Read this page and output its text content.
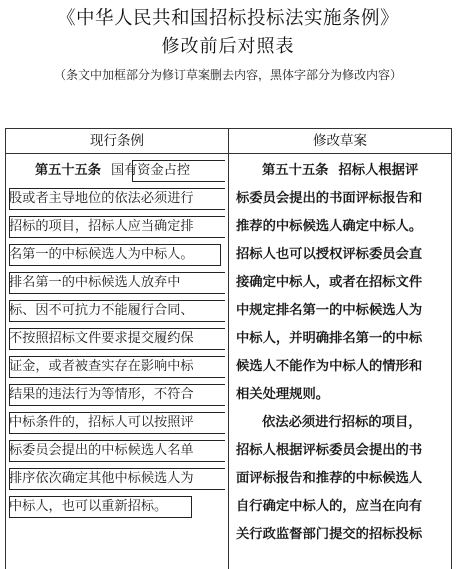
《中华人民共和国招标投标法实施条例》
修改前后对照表
（条文中加框部分为修订草案删去内容，黑体字部分为修改内容）
现行条例	修改草案
第五十五条 国有资金占控
股或者主导地位的依法必须进行
招标的项目，招标人应当确定排
名第一的中标候选人为中标人。
排名第一的中标候选人放弃中
标、因不可抗力不能履行合同、
不按照招标文件要求提交履约保
证金，或者被查实存在影响中标
结果的违法行为等情形，不符合
中标条件的，招标人可以按照评
标委员会提出的中标候选人名单
排序依次确定其他中标候选人为
中标人，也可以重新招标。
第五十五条 招标人根据评
标委员会提出的书面评标报告和
推荐的中标候选人确定中标人。
招标人也可以授权评标委员会直
接确定中标人，或者在招标文件
中规定排名第一的中标候选人为
中标人，并明确排名第一的中标
候选人不能作为中标人的情形和
相关处理规则。
依法必须进行招标的项目，
招标人根据评标委员会提出的书
面评标报告和推荐的中标候选人
自行确定中标人的，应当在向有
关行政监督部门提交的招标投标
